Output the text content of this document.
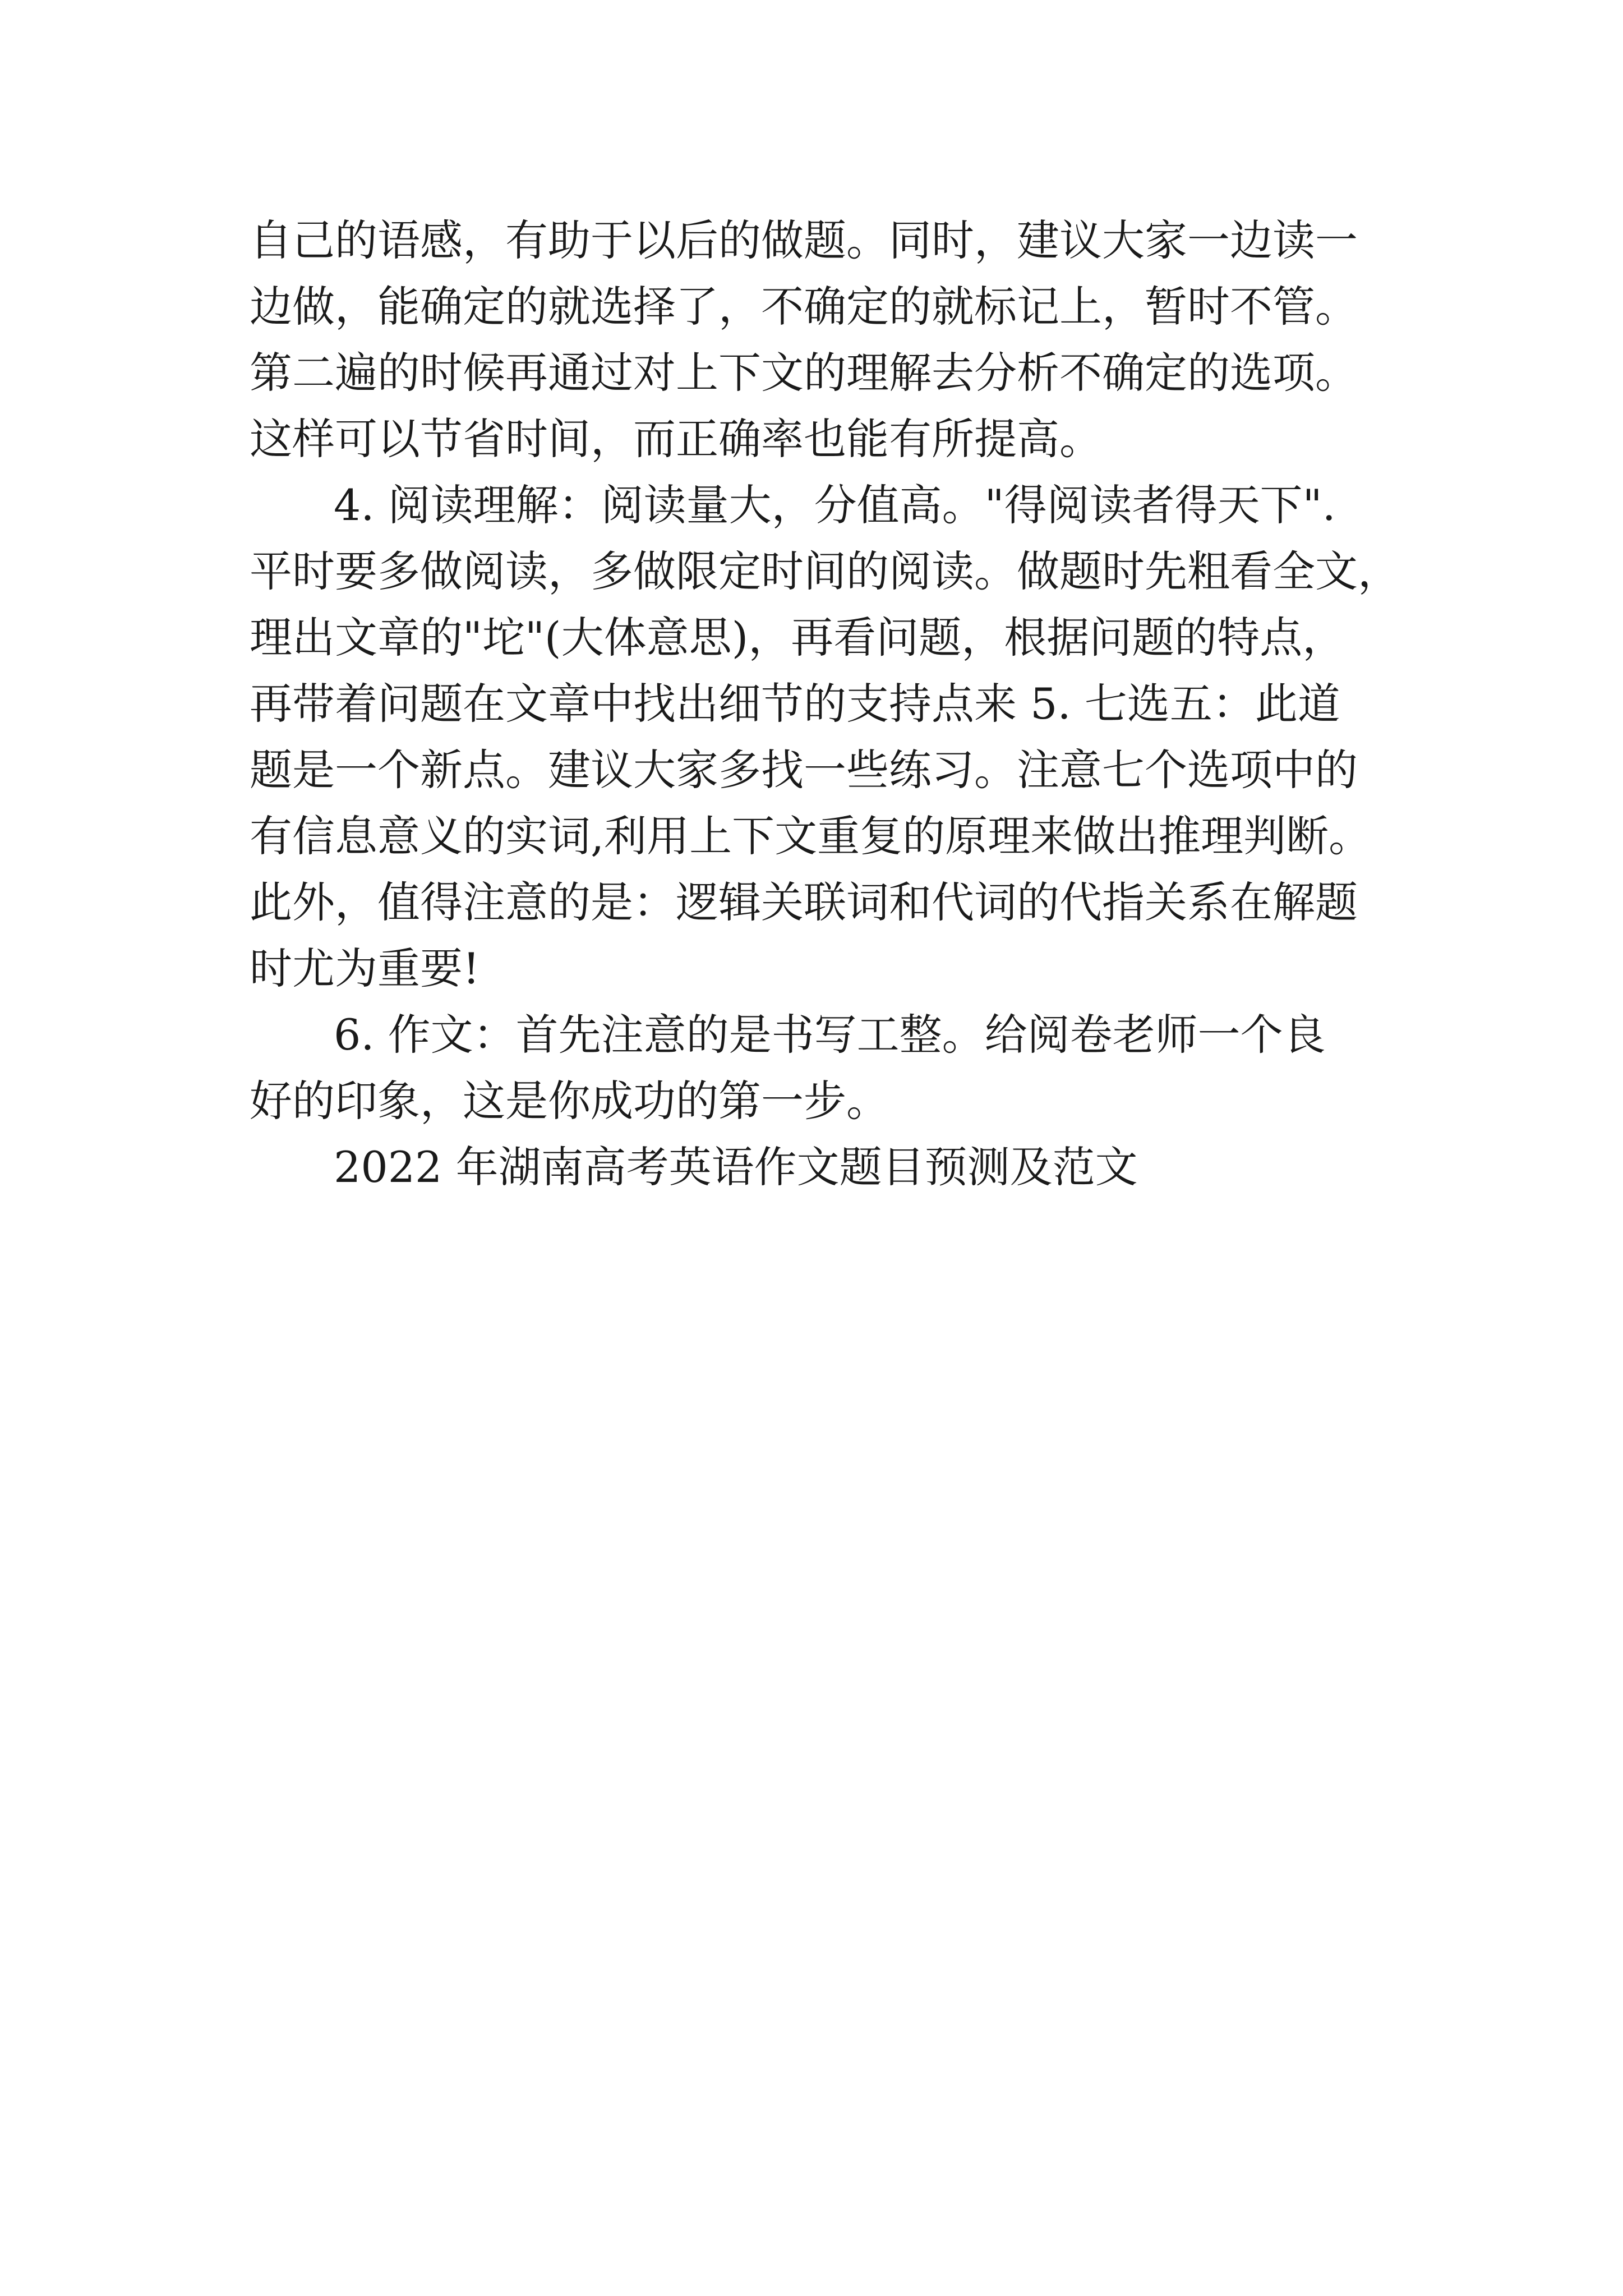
自己的语感，有助于以后的做题。同时，建议大家一边读一
边做，能确定的就选择了，不确定的就标记上，暂时不管。
第二遍的时候再通过对上下文的理解去分析不确定的选项。
这样可以节省时间，而正确率也能有所提高。
4. 阅读理解：阅读量大，分值高。"得阅读者得天下".
平时要多做阅读，多做限定时间的阅读。做题时先粗看全文，
理出文章的"坨"(大体意思)，再看问题，根据问题的特点，
再带着问题在文章中找出细节的支持点来 5. 七选五：此道
题是一个新点。建议大家多找一些练习。注意七个选项中的
有信息意义的实词,利用上下文重复的原理来做出推理判断。
此外，值得注意的是：逻辑关联词和代词的代指关系在解题
时尤为重要!
6. 作文：首先注意的是书写工整。给阅卷老师一个良
好的印象，这是你成功的第一步。
2022 年湖南高考英语作文题目预测及范文
